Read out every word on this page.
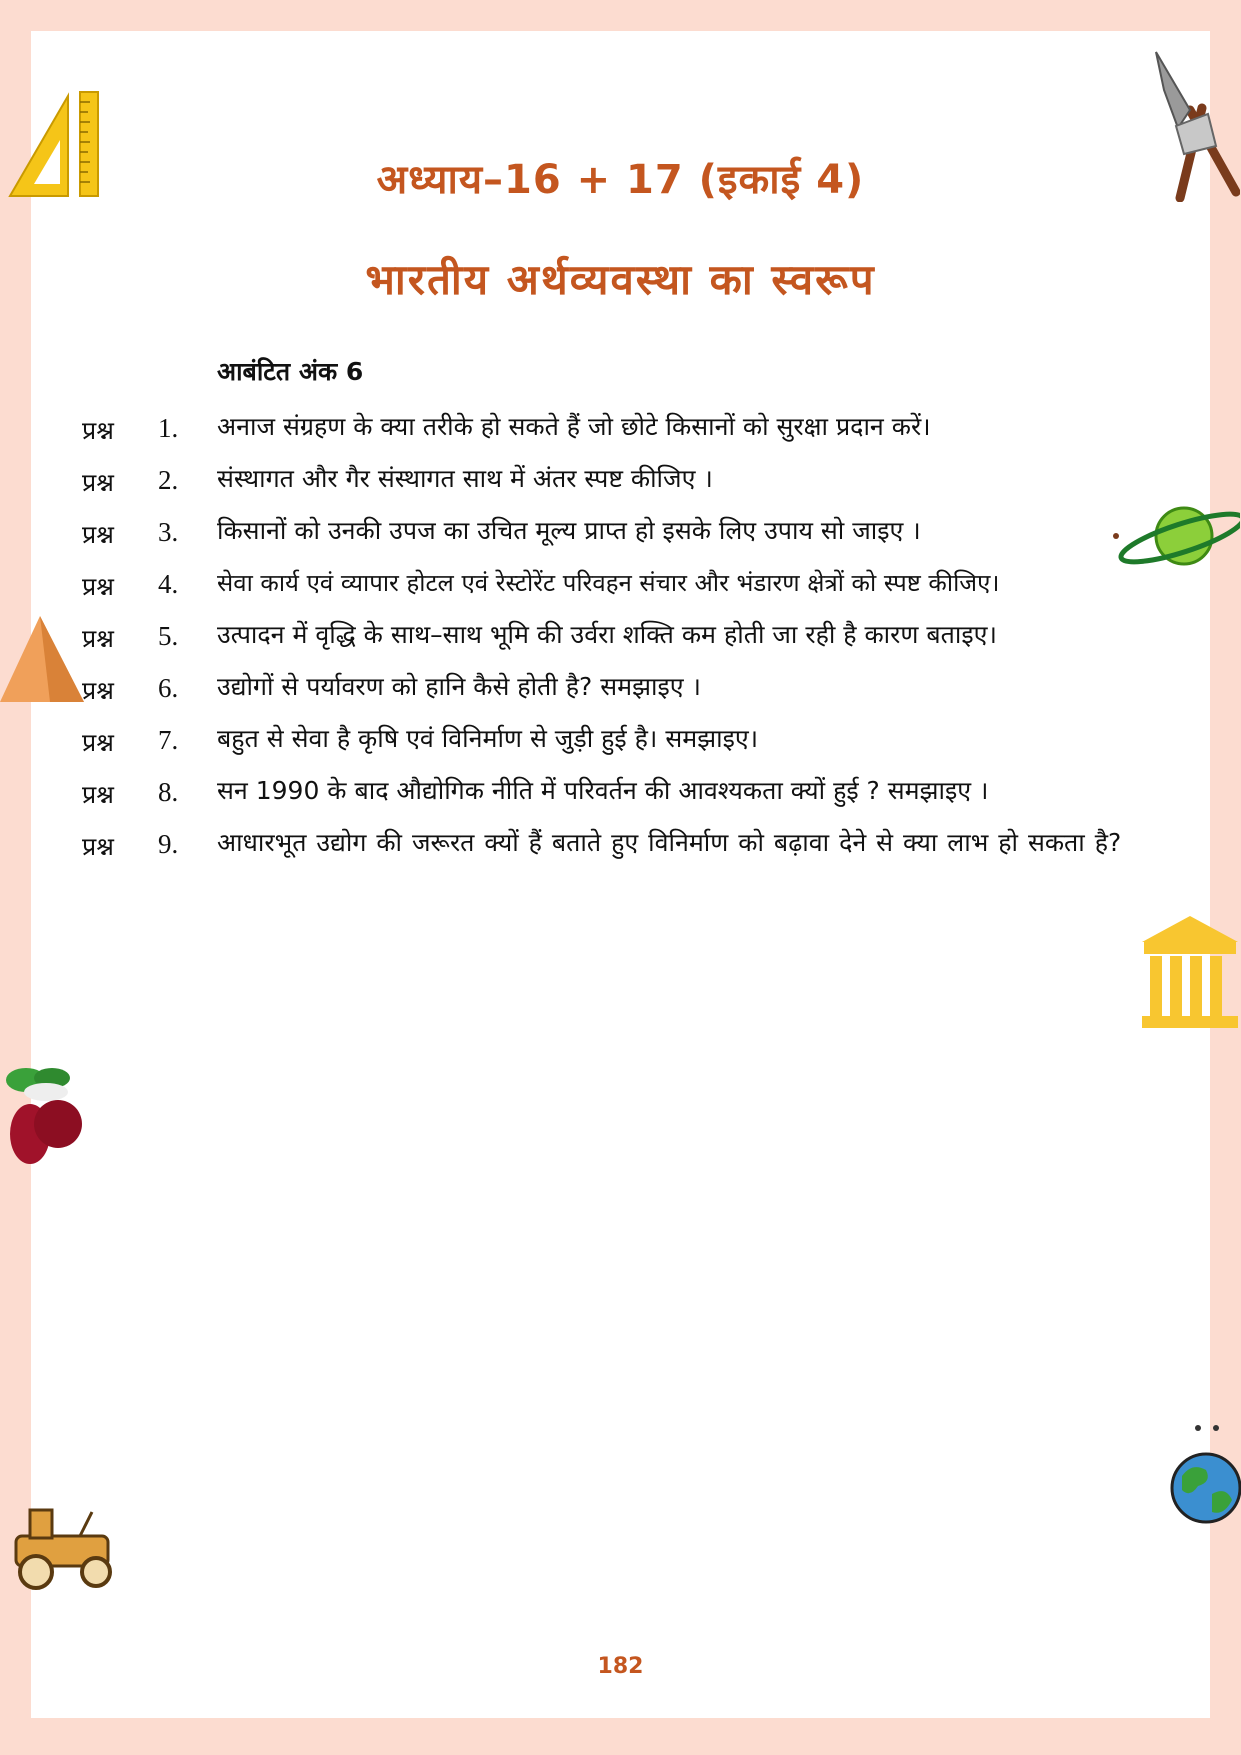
अध्याय–16 + 17 (इकाई 4)
भारतीय अर्थव्यवस्था का स्वरूप
आबंटित अंक 6
प्रश्न 1. अनाज संग्रहण के क्या तरीके हो सकते हैं जो छोटे किसानों को सुरक्षा प्रदान करें।
प्रश्न 2. संस्थागत और गैर संस्थागत साथ में अंतर स्पष्ट कीजिए ।
प्रश्न 3. किसानों को उनकी उपज का उचित मूल्य प्राप्त हो इसके लिए उपाय सो जाइए ।
प्रश्न 4. सेवा कार्य एवं व्यापार होटल एवं रेस्टोरेंट परिवहन संचार और भंडारण क्षेत्रों को स्पष्ट कीजिए।
प्रश्न 5. उत्पादन में वृद्धि के साथ–साथ भूमि की उर्वरा शक्ति कम होती जा रही है कारण बताइए।
प्रश्न 6. उद्योगों से पर्यावरण को हानि कैसे होती है? समझाइए ।
प्रश्न 7. बहुत से सेवा है कृषि एवं विनिर्माण से जुड़ी हुई है। समझाइए।
प्रश्न 8. सन 1990 के बाद औद्योगिक नीति में परिवर्तन की आवश्यकता क्यों हुई ? समझाइए ।
प्रश्न 9. आधारभूत उद्योग की जरूरत क्यों हैं बताते हुए विनिर्माण को बढ़ावा देने से क्या लाभ हो सकता है?
182
